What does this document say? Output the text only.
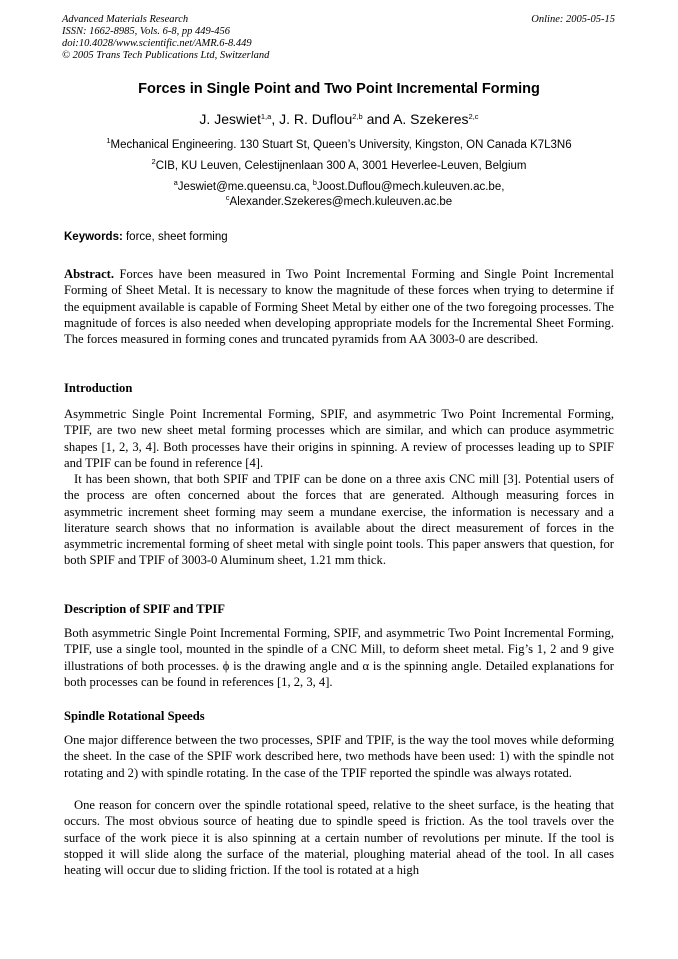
Advanced Materials Research
ISSN: 1662-8985, Vols. 6-8, pp 449-456
doi:10.4028/www.scientific.net/AMR.6-8.449
© 2005 Trans Tech Publications Ltd, Switzerland
Online: 2005-05-15
Forces in Single Point and Two Point Incremental Forming
J. Jeswiet$^{1,a}$, J. R. Duflou$^{2,b}$ and A. Szekeres$^{2,c}$
$^1$Mechanical Engineering. 130 Stuart St, Queen’s University, Kingston, ON Canada K7L3N6
$^2$CIB, KU Leuven, Celestijnenlaan 300 A, 3001 Heverlee-Leuven, Belgium
$^a$Jeswiet@me.queensu.ca, $^b$Joost.Duflou@mech.kuleuven.ac.be,
$^c$Alexander.Szekeres@mech.kuleuven.ac.be
Keywords: force, sheet forming
Abstract. Forces have been measured in Two Point Incremental Forming and Single Point Incremental Forming of Sheet Metal. It is necessary to know the magnitude of these forces when trying to determine if the equipment available is capable of Forming Sheet Metal by either one of the two foregoing processes. The magnitude of forces is also needed when developing appropriate models for the Incremental Sheet Forming. The forces measured in forming cones and truncated pyramids from AA 3003-0 are described.
Introduction
Asymmetric Single Point Incremental Forming, SPIF, and asymmetric Two Point Incremental Forming, TPIF, are two new sheet metal forming processes which are similar, and which can produce asymmetric shapes [1, 2, 3, 4]. Both processes have their origins in spinning. A review of processes leading up to SPIF and TPIF can be found in reference [4].
It has been shown, that both SPIF and TPIF can be done on a three axis CNC mill [3]. Potential users of the process are often concerned about the forces that are generated. Although measuring forces in asymmetric increment sheet forming may seem a mundane exercise, the information is necessary and a literature search shows that no information is available about the direct measurement of forces in the asymmetric incremental forming of sheet metal with single point tools. This paper answers that question, for both SPIF and TPIF of 3003-0 Aluminum sheet, 1.21 mm thick.
Description of SPIF and TPIF
Both asymmetric Single Point Incremental Forming, SPIF, and asymmetric Two Point Incremental Forming, TPIF, use a single tool, mounted in the spindle of a CNC Mill, to deform sheet metal. Fig’s 1, 2 and 9 give illustrations of both processes. ϕ is the drawing angle and α is the spinning angle. Detailed explanations for both processes can be found in references [1, 2, 3, 4].
Spindle Rotational Speeds
One major difference between the two processes, SPIF and TPIF, is the way the tool moves while deforming the sheet. In the case of the SPIF work described here, two methods have been used: 1) with the spindle not rotating and 2) with spindle rotating. In the case of the TPIF reported the spindle was always rotated.
One reason for concern over the spindle rotational speed, relative to the sheet surface, is the heating that occurs. The most obvious source of heating due to spindle speed is friction. As the tool travels over the surface of the work piece it is also spinning at a certain number of revolutions per minute. If the tool is stopped it will slide along the surface of the material, ploughing material ahead of the tool. In all cases heating will occur due to sliding friction. If the tool is rotated at a high
